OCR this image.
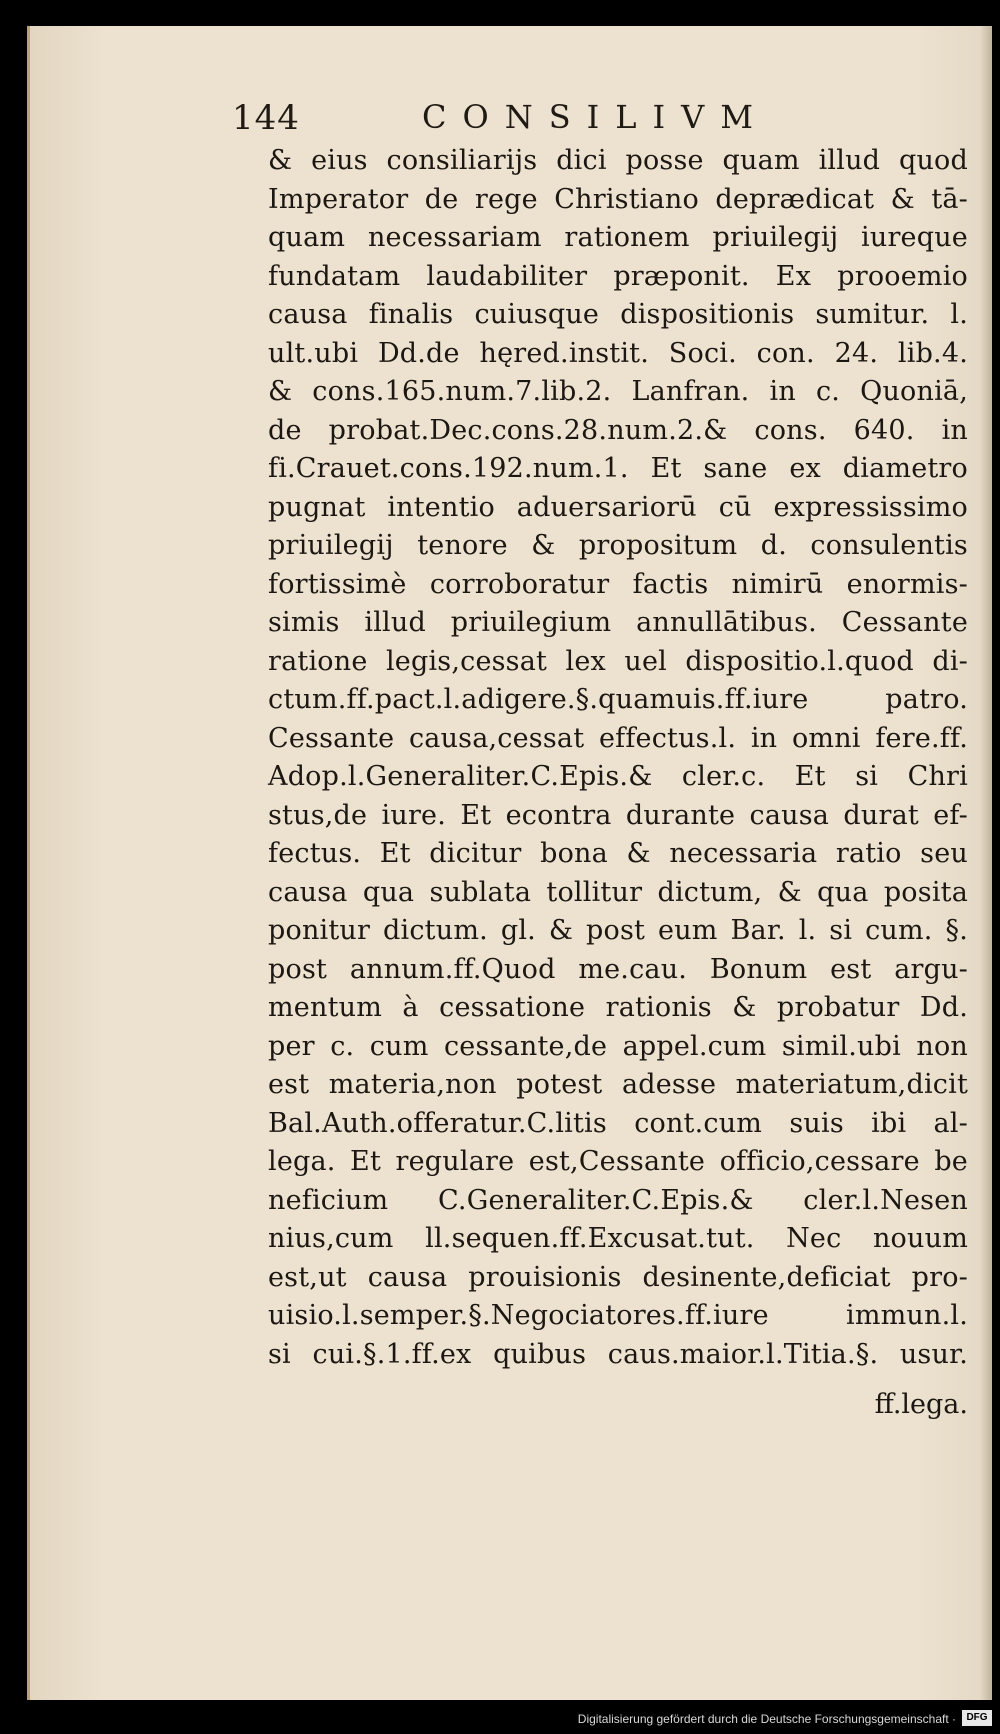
144	CONSILIVM
& eius consiliarijs dici posse quam illud quod
Imperator de rege Christiano deprædicat & tā-
quam necessariam rationem priuilegij iureque
fundatam laudabiliter præponit. Ex prooemio
causa finalis cuiusque dispositionis sumitur. l.
ult.ubi Dd.de hęred.instit. Soci. con. 24. lib.4.
& cons.165.num.7.lib.2. Lanfran. in c. Quoniā,
de probat.Dec.cons.28.num.2.& cons. 640. in
fi.Crauet.cons.192.num.1. Et sane ex diametro
pugnat intentio aduersariorū cū expressissimo
priuilegij tenore & propositum d. consulentis
fortissimè corroboratur factis nimirū enormis-
simis illud priuilegium annullātibus. Cessante
ratione legis,cessat lex uel dispositio.l.quod di-
ctum.ff.pact.l.adigere.§.quamuis.ff.iure patro.
Cessante causa,cessat effectus.l. in omni fere.ff.
Adop.l.Generaliter.C.Epis.& cler.c. Et si Chri
stus,de iure. Et econtra durante causa durat ef-
fectus. Et dicitur bona & necessaria ratio seu
causa qua sublata tollitur dictum, & qua posita
ponitur dictum. gl. & post eum Bar. l. si cum. §.
post annum.ff.Quod me.cau. Bonum est argu-
mentum à cessatione rationis & probatur Dd.
per c. cum cessante,de appel.cum simil.ubi non
est materia,non potest adesse materiatum,dicit
Bal.Auth.offeratur.C.litis cont.cum suis ibi al-
lega. Et regulare est,Cessante officio,cessare be
neficium C.Generaliter.C.Epis.& cler.l.Nesen
nius,cum ll.sequen.ff.Excusat.tut. Nec nouum
est,ut causa prouisionis desinente,deficiat pro-
uisio.l.semper.§.Negociatores.ff.iure immun.l.
si cui.§.1.ff.ex quibus caus.maior.l.Titia.§. usur.
ff.lega.
Digitalisierung gefördert durch die Deutsche Forschungsgemeinschaft ·	DFG
